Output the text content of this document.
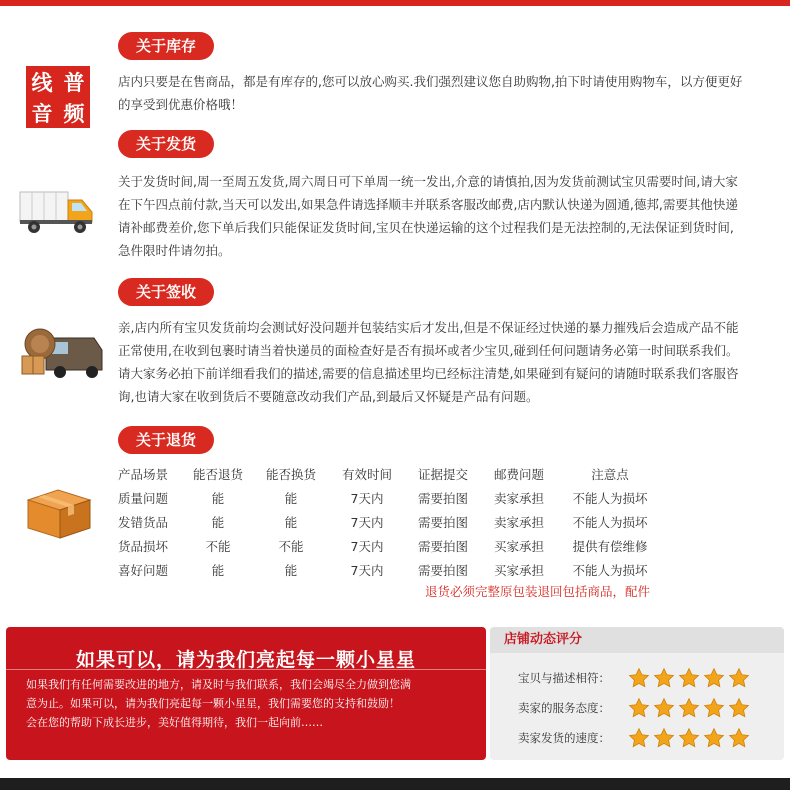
线 普
音 频
关于库存
店内只要是在售商品，都是有库存的,您可以放心购买.我们强烈建议您自助购物,拍下时请使用购物车，以方便更好
的享受到优惠价格哦！
关于发货
关于发货时间,周一至周五发货,周六周日可下单周一统一发出,介意的请慎拍,因为发货前测试宝贝需要时间,请大家
在下午四点前付款,当天可以发出,如果急件请选择顺丰并联系客服改邮费,店内默认快递为圆通,德邦,需要其他快递
请补邮费差价,您下单后我们只能保证发货时间,宝贝在快递运输的这个过程我们是无法控制的,无法保证到货时间,
急件限时件请勿拍。
关于签收
亲,店内所有宝贝发货前均会测试好没问题并包装结实后才发出,但是不保证经过快递的暴力摧残后会造成产品不能
正常使用,在收到包裹时请当着快递员的面检查好是否有损坏或者少宝贝,碰到任何问题请务必第一时间联系我们。
请大家务必拍下前详细看我们的描述,需要的信息描述里均已经标注清楚,如果碰到有疑问的请随时联系我们客服咨
询,也请大家在收到货后不要随意改动我们产品,到最后又怀疑是产品有问题。
关于退货
产品场景	能否退货	能否换货	有效时间	证据提交	邮费问题	注意点
质量问题	能	能	7天内	需要拍图	卖家承担	不能人为损坏
发错货品	能	能	7天内	需要拍图	卖家承担	不能人为损坏
货品损坏	不能	不能	7天内	需要拍图	买家承担	提供有偿维修
喜好问题	能	能	7天内	需要拍图	买家承担	不能人为损坏
退货必须完整原包装退回包括商品，配件
如果可以，请为我们亮起每一颗小星星
如果我们有任何需要改进的地方，请及时与我们联系，我们会竭尽全力做到您满
意为止。如果可以，请为我们亮起每一颗小星星，我们需要您的支持和鼓励！
会在您的帮助下成长进步，美好值得期待，我们一起向前……
店铺动态评分
宝贝与描述相符：
卖家的服务态度：
卖家发货的速度：
